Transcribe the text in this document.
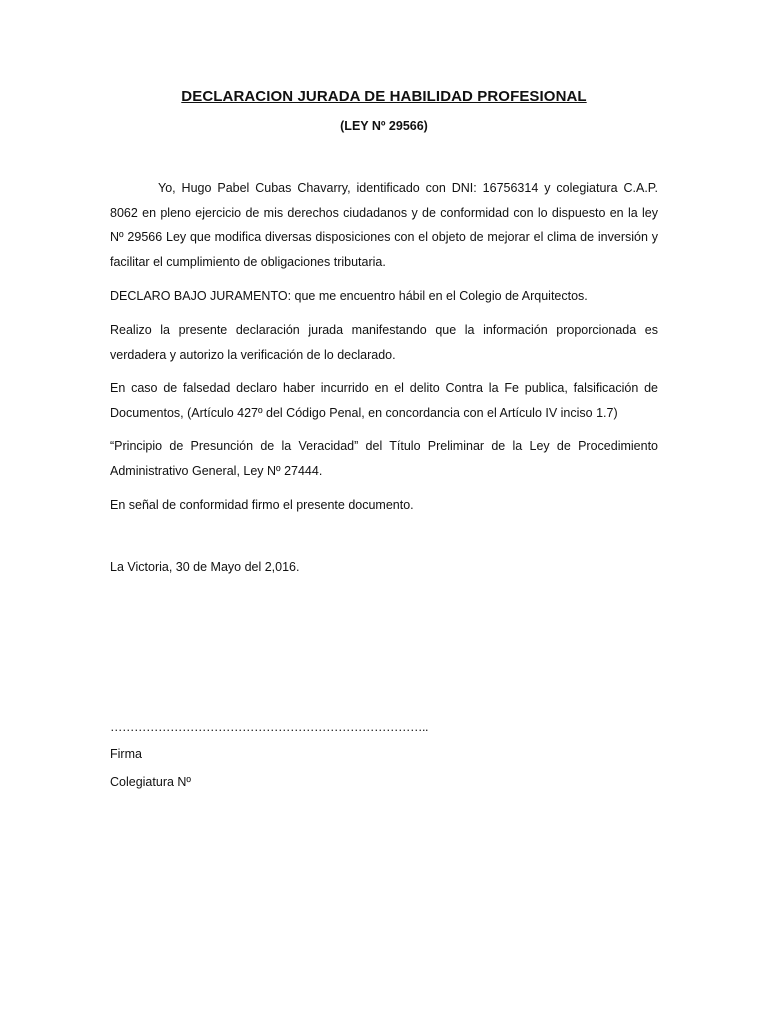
DECLARACION JURADA DE HABILIDAD PROFESIONAL
(LEY Nº 29566)

Yo, Hugo Pabel Cubas Chavarry, identificado con DNI: 16756314 y colegiatura C.A.P. 8062 en pleno ejercicio de mis derechos ciudadanos y de conformidad con lo dispuesto en la ley Nº 29566 Ley que modifica diversas disposiciones con el objeto de mejorar el clima de inversión y facilitar el cumplimiento de obligaciones tributaria.

DECLARO BAJO JURAMENTO: que me encuentro hábil en el Colegio de Arquitectos.

Realizo la presente declaración jurada manifestando que la información proporcionada es verdadera y autorizo la verificación de lo declarado.

En caso de falsedad declaro haber incurrido en el delito Contra la Fe publica, falsificación de Documentos, (Artículo 427º del Código Penal, en concordancia con el Artículo IV inciso 1.7)

“Principio de Presunción de la Veracidad” del Título Preliminar de la Ley de Procedimiento Administrativo General, Ley Nº 27444.

En señal de conformidad firmo el presente documento.

La Victoria, 30 de Mayo del 2,016.

……………………………………………………………………..
Firma
Colegiatura Nº
